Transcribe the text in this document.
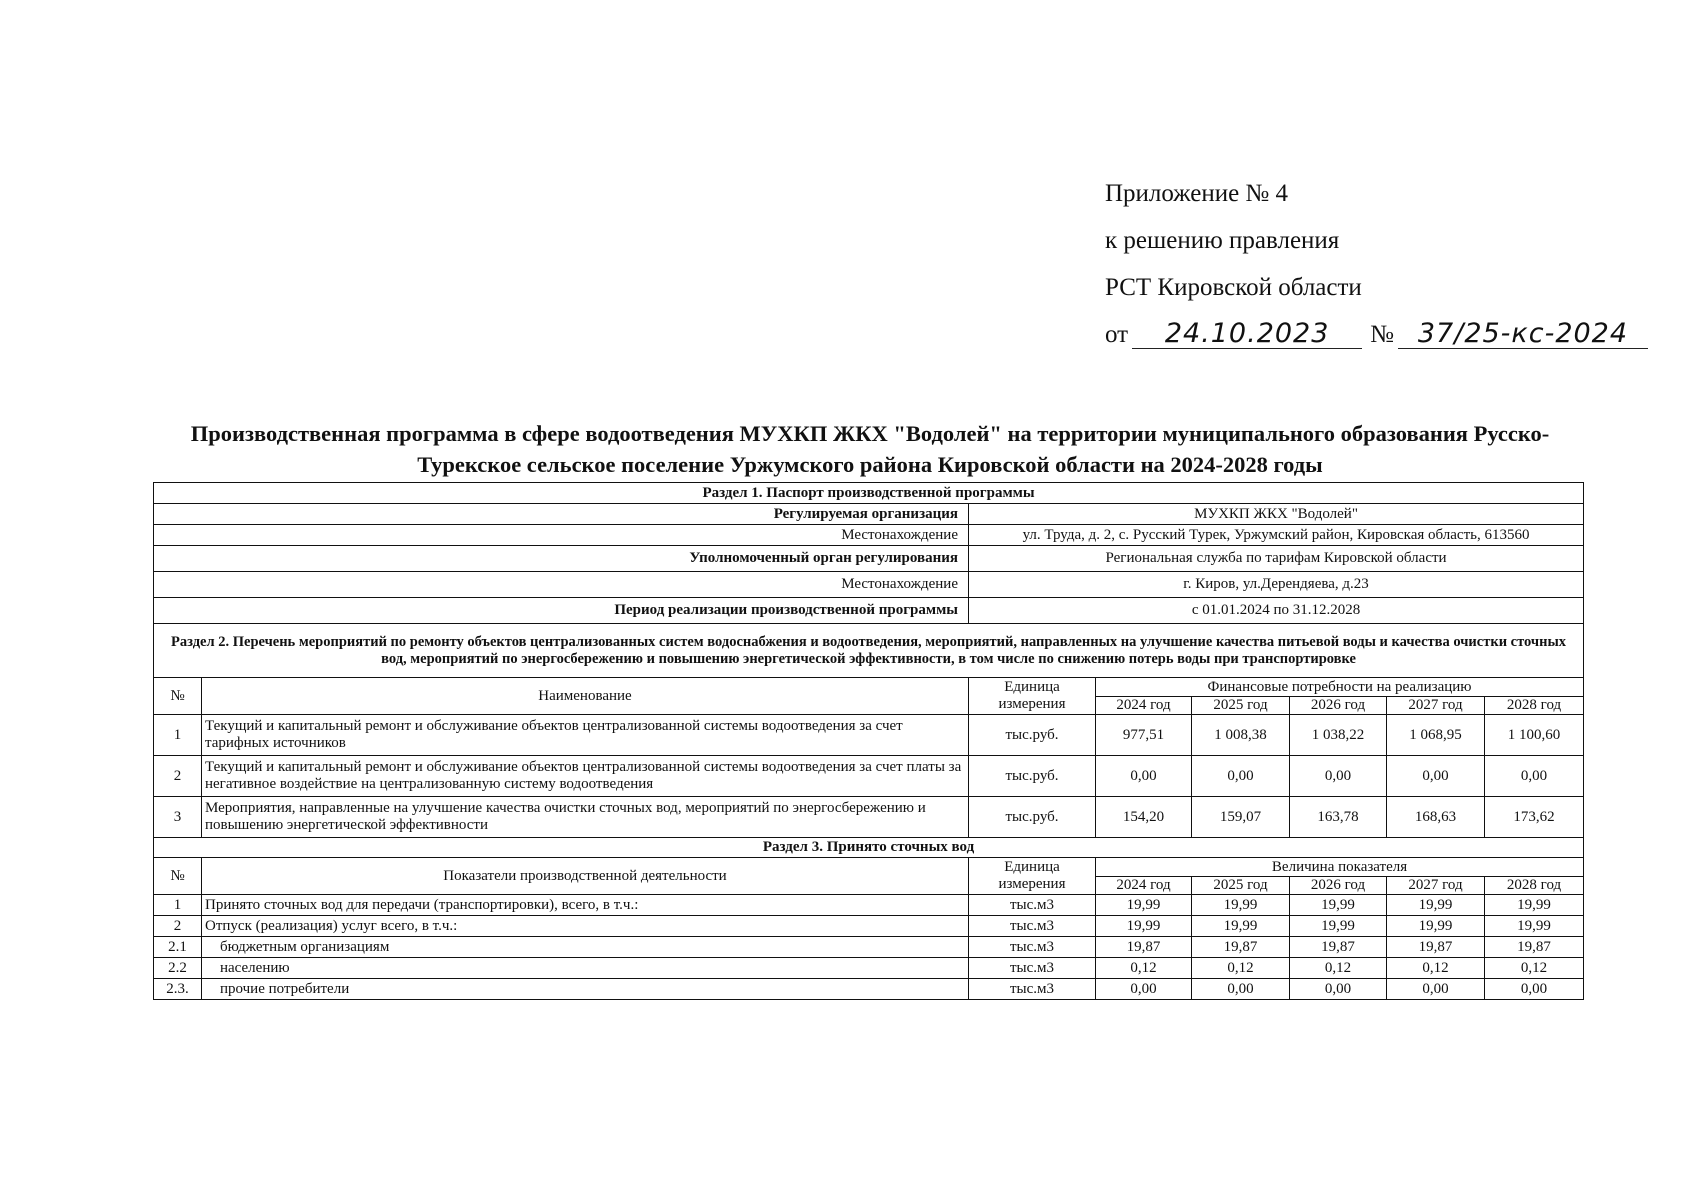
Приложение № 4
к решению правления
РСТ Кировской области
от 24.10.2023 № 37/25-кс-2024
Производственная программа в сфере водоотведения МУХКП ЖКХ "Водолей" на территории муниципального образования Русско-
Турекское сельское поселение Уржумского района Кировской области на 2024-2028 годы
Раздел 1. Паспорт производственной программы							
Регулируемая организация		МУХКП ЖКХ "Водолей"					
Местонахождение		ул. Труда, д. 2, с. Русский Турек, Уржумский район, Кировская область, 613560					
Уполномоченный орган регулирования		Региональная служба по тарифам Кировской области					
Местонахождение		г. Киров, ул.Дерендяева, д.23					
Период реализации производственной программы		с 01.01.2024 по 31.12.2028					
Раздел 2. Перечень мероприятий по ремонту объектов централизованных систем водоснабжения и водоотведения, мероприятий, направленных на улучшение качества питьевой воды и качества очистки сточных вод, мероприятий по энергосбережению и повышению энергетической эффективности, в том числе по снижению потерь воды при транспортировке							
№	Наименование	Единица измерения	Финансовые потребности на реализацию				
			2024 год	2025 год	2026 год	2027 год	2028 год
1	Текущий и капитальный ремонт и обслуживание объектов централизованной системы водоотведения за счет тарифных источников	тыс.руб.	977,51	1 008,38	1 038,22	1 068,95	1 100,60
2	Текущий и капитальный ремонт и обслуживание объектов централизованной системы водоотведения за счет платы за негативное воздействие на централизованную систему водоотведения	тыс.руб.	0,00	0,00	0,00	0,00	0,00
3	Мероприятия, направленные на улучшение качества очистки сточных вод, мероприятий по энергосбережению и повышению энергетической эффективности	тыс.руб.	154,20	159,07	163,78	168,63	173,62
Раздел 3. Принято сточных вод							
№	Показатели производственной деятельности	Единица измерения	Величина показателя				
			2024 год	2025 год	2026 год	2027 год	2028 год
1	Принято сточных вод для передачи (транспортировки), всего, в т.ч.:	тыс.м3	19,99	19,99	19,99	19,99	19,99
2	Отпуск (реализация) услуг всего, в т.ч.:	тыс.м3	19,99	19,99	19,99	19,99	19,99
2.1	бюджетным организациям	тыс.м3	19,87	19,87	19,87	19,87	19,87
2.2	населению	тыс.м3	0,12	0,12	0,12	0,12	0,12
2.3.	прочие потребители	тыс.м3	0,00	0,00	0,00	0,00	0,00
